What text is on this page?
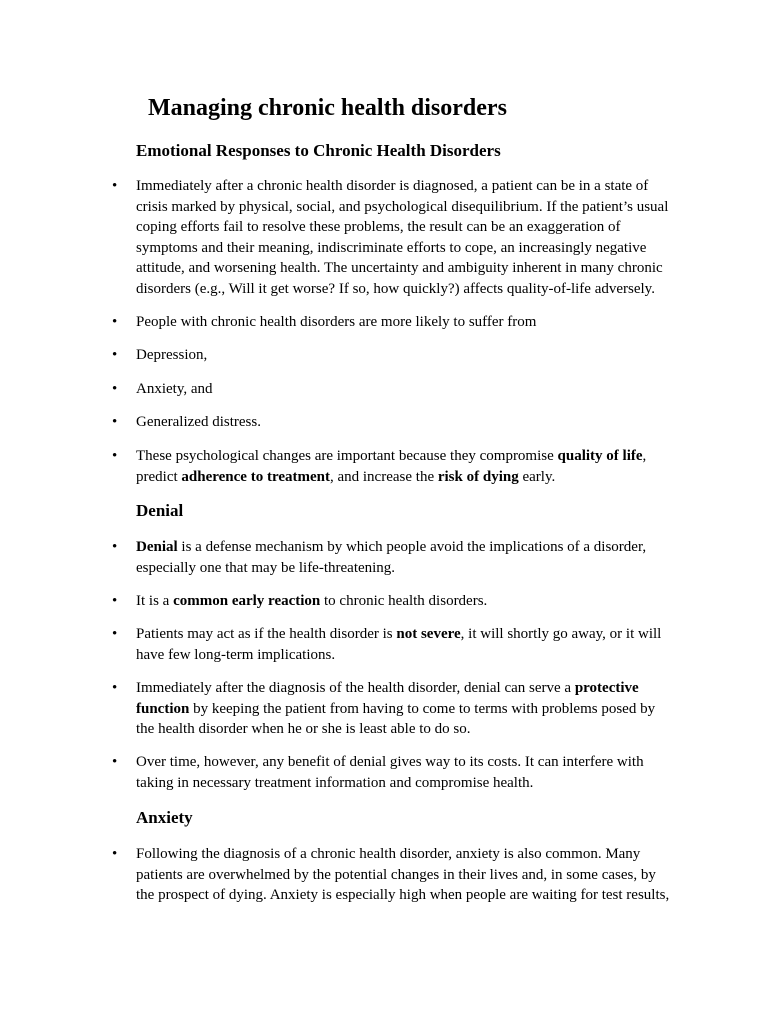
Managing chronic health disorders
Emotional Responses to Chronic Health Disorders
• Immediately after a chronic health disorder is diagnosed, a patient can be in a state of crisis marked by physical, social, and psychological disequilibrium. If the patient’s usual coping efforts fail to resolve these problems, the result can be an exaggeration of symptoms and their meaning, indiscriminate efforts to cope, an increasingly negative attitude, and worsening health. The uncertainty and ambiguity inherent in many chronic disorders (e.g., Will it get worse? If so, how quickly?) affects quality-of-life adversely.
• People with chronic health disorders are more likely to suffer from
• Depression,
• Anxiety, and
• Generalized distress.
• These psychological changes are important because they compromise quality of life, predict adherence to treatment, and increase the risk of dying early.
Denial
• Denial is a defense mechanism by which people avoid the implications of a disorder, especially one that may be life-threatening.
• It is a common early reaction to chronic health disorders.
• Patients may act as if the health disorder is not severe, it will shortly go away, or it will have few long-term implications.
• Immediately after the diagnosis of the health disorder, denial can serve a protective function by keeping the patient from having to come to terms with problems posed by the health disorder when he or she is least able to do so.
• Over time, however, any benefit of denial gives way to its costs. It can interfere with taking in necessary treatment information and compromise health.
Anxiety
• Following the diagnosis of a chronic health disorder, anxiety is also common. Many patients are overwhelmed by the potential changes in their lives and, in some cases, by the prospect of dying. Anxiety is especially high when people are waiting for test results,
